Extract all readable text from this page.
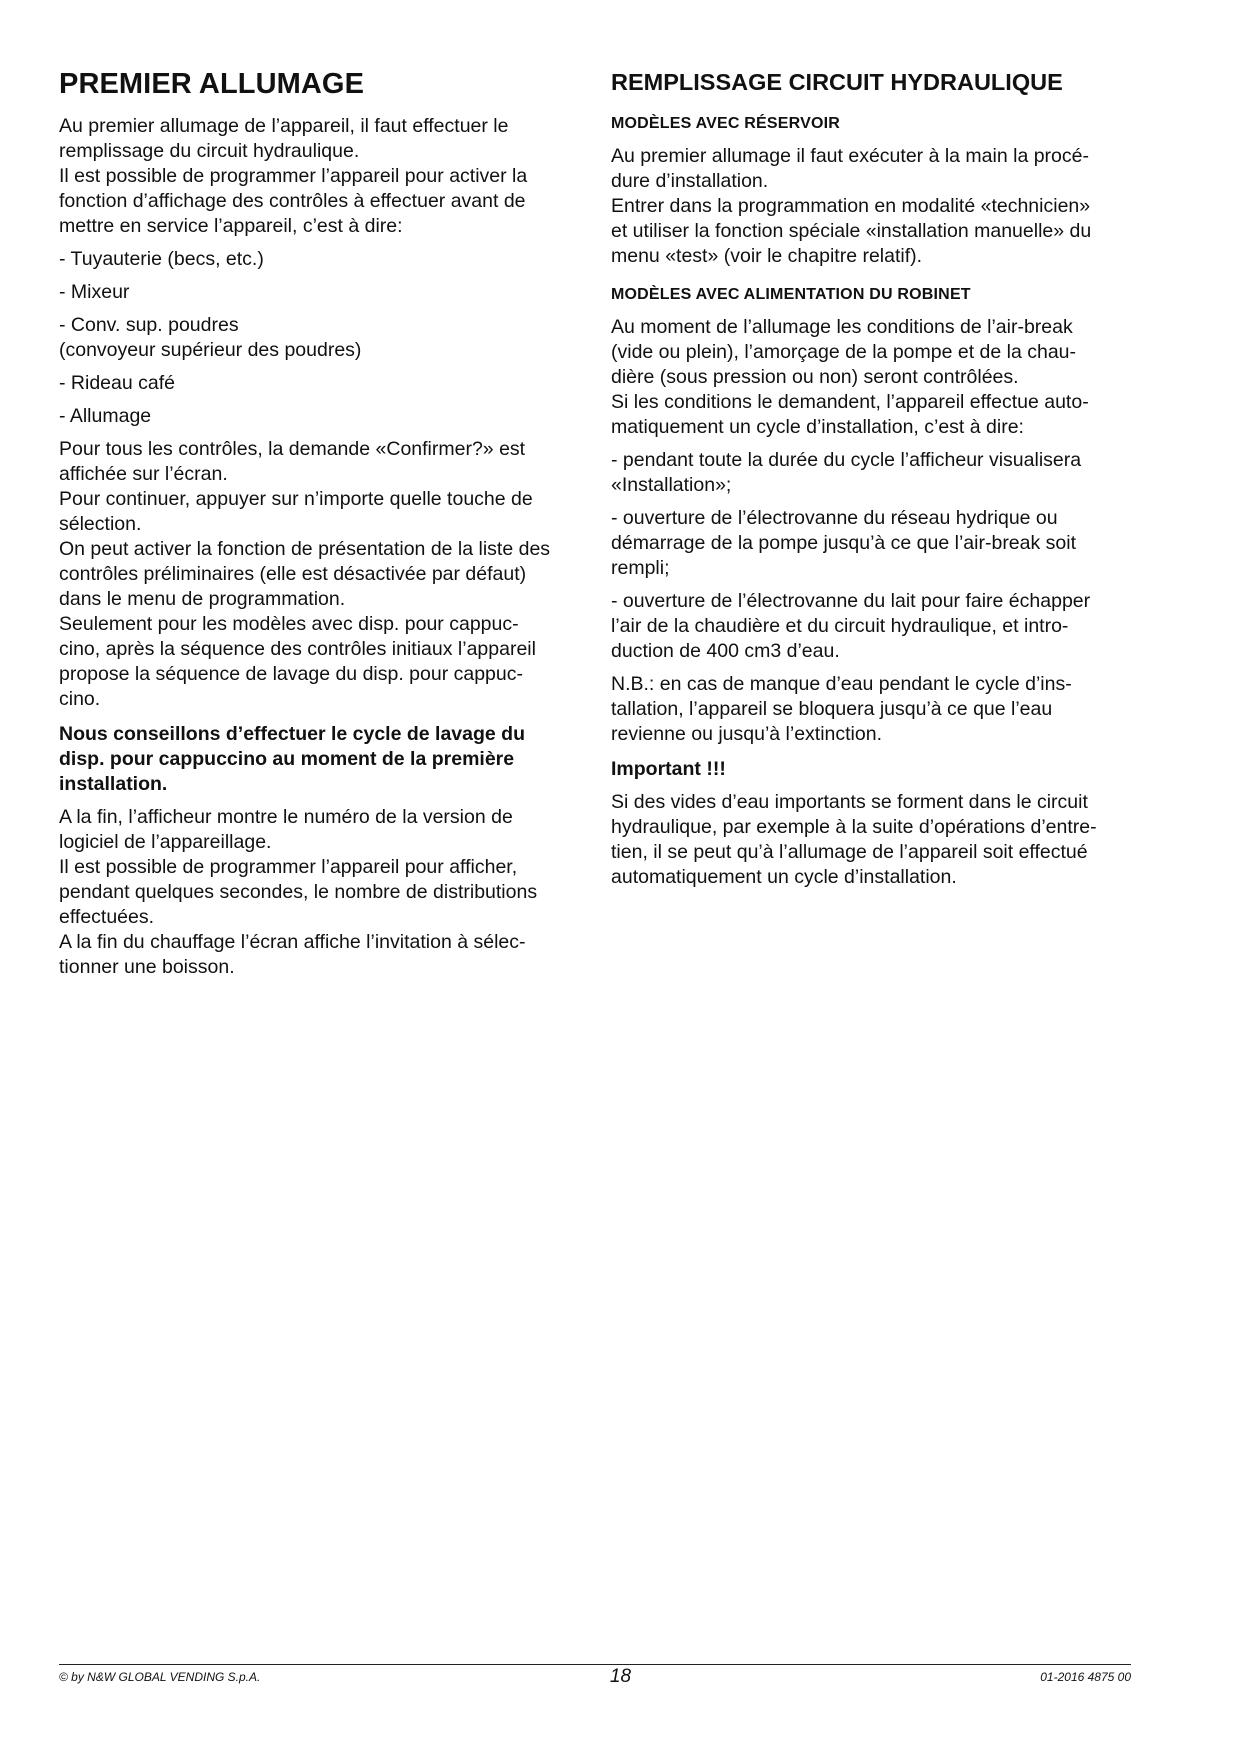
PREMIER ALLUMAGE

Au premier allumage de l’appareil, il faut effectuer le
remplissage du circuit hydraulique.
Il est possible de programmer l’appareil pour activer la
fonction d’affichage des contrôles à effectuer avant de
mettre en service l’appareil, c’est à dire:

- Tuyauterie (becs, etc.)
- Mixeur
- Conv. sup. poudres
(convoyeur supérieur des poudres)
- Rideau café
- Allumage

Pour tous les contrôles, la demande «Confirmer?» est
affichée sur l’écran.
Pour continuer, appuyer sur n’importe quelle touche de
sélection.
On peut activer la fonction de présentation de la liste des
contrôles préliminaires (elle est désactivée par défaut)
dans le menu de programmation.
Seulement pour les modèles avec disp. pour cappuc-
cino, après la séquence des contrôles initiaux l’appareil
propose la séquence de lavage du disp. pour cappuc-
cino.

Nous conseillons d’effectuer le cycle de lavage du
disp. pour cappuccino au moment de la première
installation.

A la fin, l’afficheur montre le numéro de la version de
logiciel de l’appareillage.
Il est possible de programmer l’appareil pour afficher,
pendant quelques secondes, le nombre de distributions
effectuées.
A la fin du chauffage l’écran affiche l’invitation à sélec-
tionner une boisson.

REMPLISSAGE CIRCUIT HYDRAULIQUE
MODÈLES AVEC RÉSERVOIR

Au premier allumage il faut exécuter à la main la procé-
dure d’installation.
Entrer dans la programmation en modalité «technicien»
et utiliser la fonction spéciale «installation manuelle» du
menu «test» (voir le chapitre relatif).

MODÈLES AVEC ALIMENTATION DU ROBINET

Au moment de l’allumage les conditions de l’air-break
(vide ou plein), l’amorçage de la pompe et de la chau-
dière (sous pression ou non) seront contrôlées.
Si les conditions le demandent, l’appareil effectue auto-
matiquement un cycle d’installation, c’est à dire:

- pendant toute la durée du cycle l’afficheur visualisera
«Installation»;
- ouverture de l’électrovanne du réseau hydrique ou
démarrage de la pompe jusqu’à ce que l’air-break soit
rempli;
- ouverture de l’électrovanne du lait pour faire échapper
l’air de la chaudière et du circuit hydraulique, et intro-
duction de 400 cm3 d’eau.

N.B.: en cas de manque d’eau pendant le cycle d’ins-
tallation, l’appareil se bloquera jusqu’à ce que l’eau
revienne ou jusqu’à l’extinction.

Important !!!

Si des vides d’eau importants se forment dans le circuit
hydraulique, par exemple à la suite d’opérations d’entre-
tien, il se peut qu’à l’allumage de l’appareil soit effectué
automatiquement un cycle d’installation.

© by N&W GLOBAL VENDING S.p.A.	18	01-2016 4875 00
